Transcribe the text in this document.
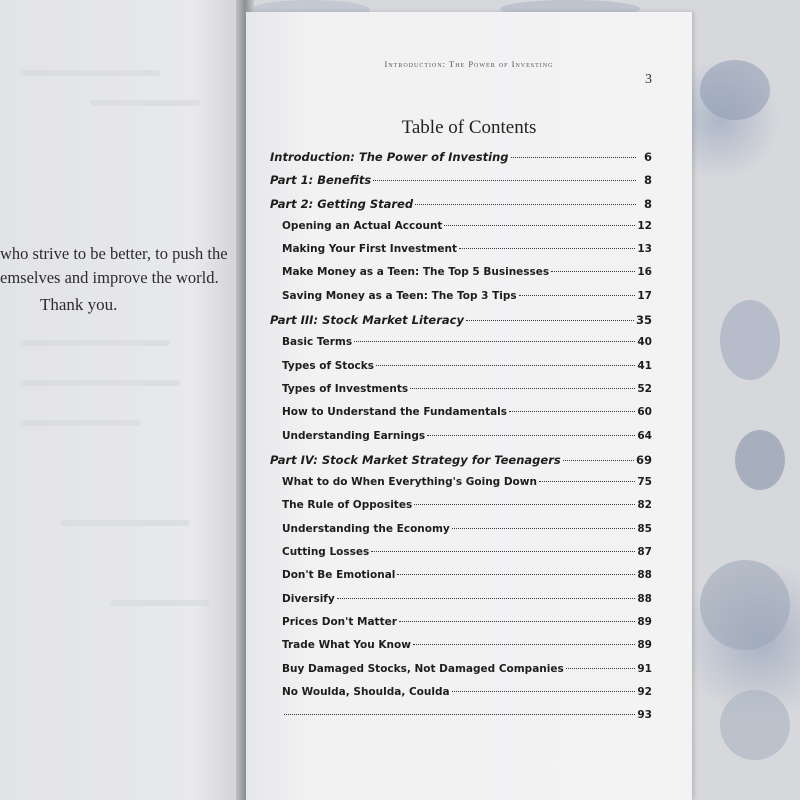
who strive to be better, to push the
emselves and improve the world.
Thank you.
Introduction: The Power of Investing
3
Table of Contents
Introduction: The Power of Investing	6
Part 1: Benefits	8
Part 2: Getting Stared	8
Opening an Actual Account	12
Making Your First Investment	13
Make Money as a Teen: The Top 5 Businesses	16
Saving Money as a Teen: The Top 3 Tips	17
Part III: Stock Market Literacy	35
Basic Terms	40
Types of Stocks	41
Types of Investments	52
How to Understand the Fundamentals	60
Understanding Earnings	64
Part IV: Stock Market Strategy for Teenagers	69
What to do When Everything's Going Down	75
The Rule of Opposites	82
Understanding the Economy	85
Cutting Losses	87
Don't Be Emotional	88
Diversify	88
Prices Don't Matter	89
Trade What You Know	89
Buy Damaged Stocks, Not Damaged Companies	91
No Woulda, Shoulda, Coulda	92
93
